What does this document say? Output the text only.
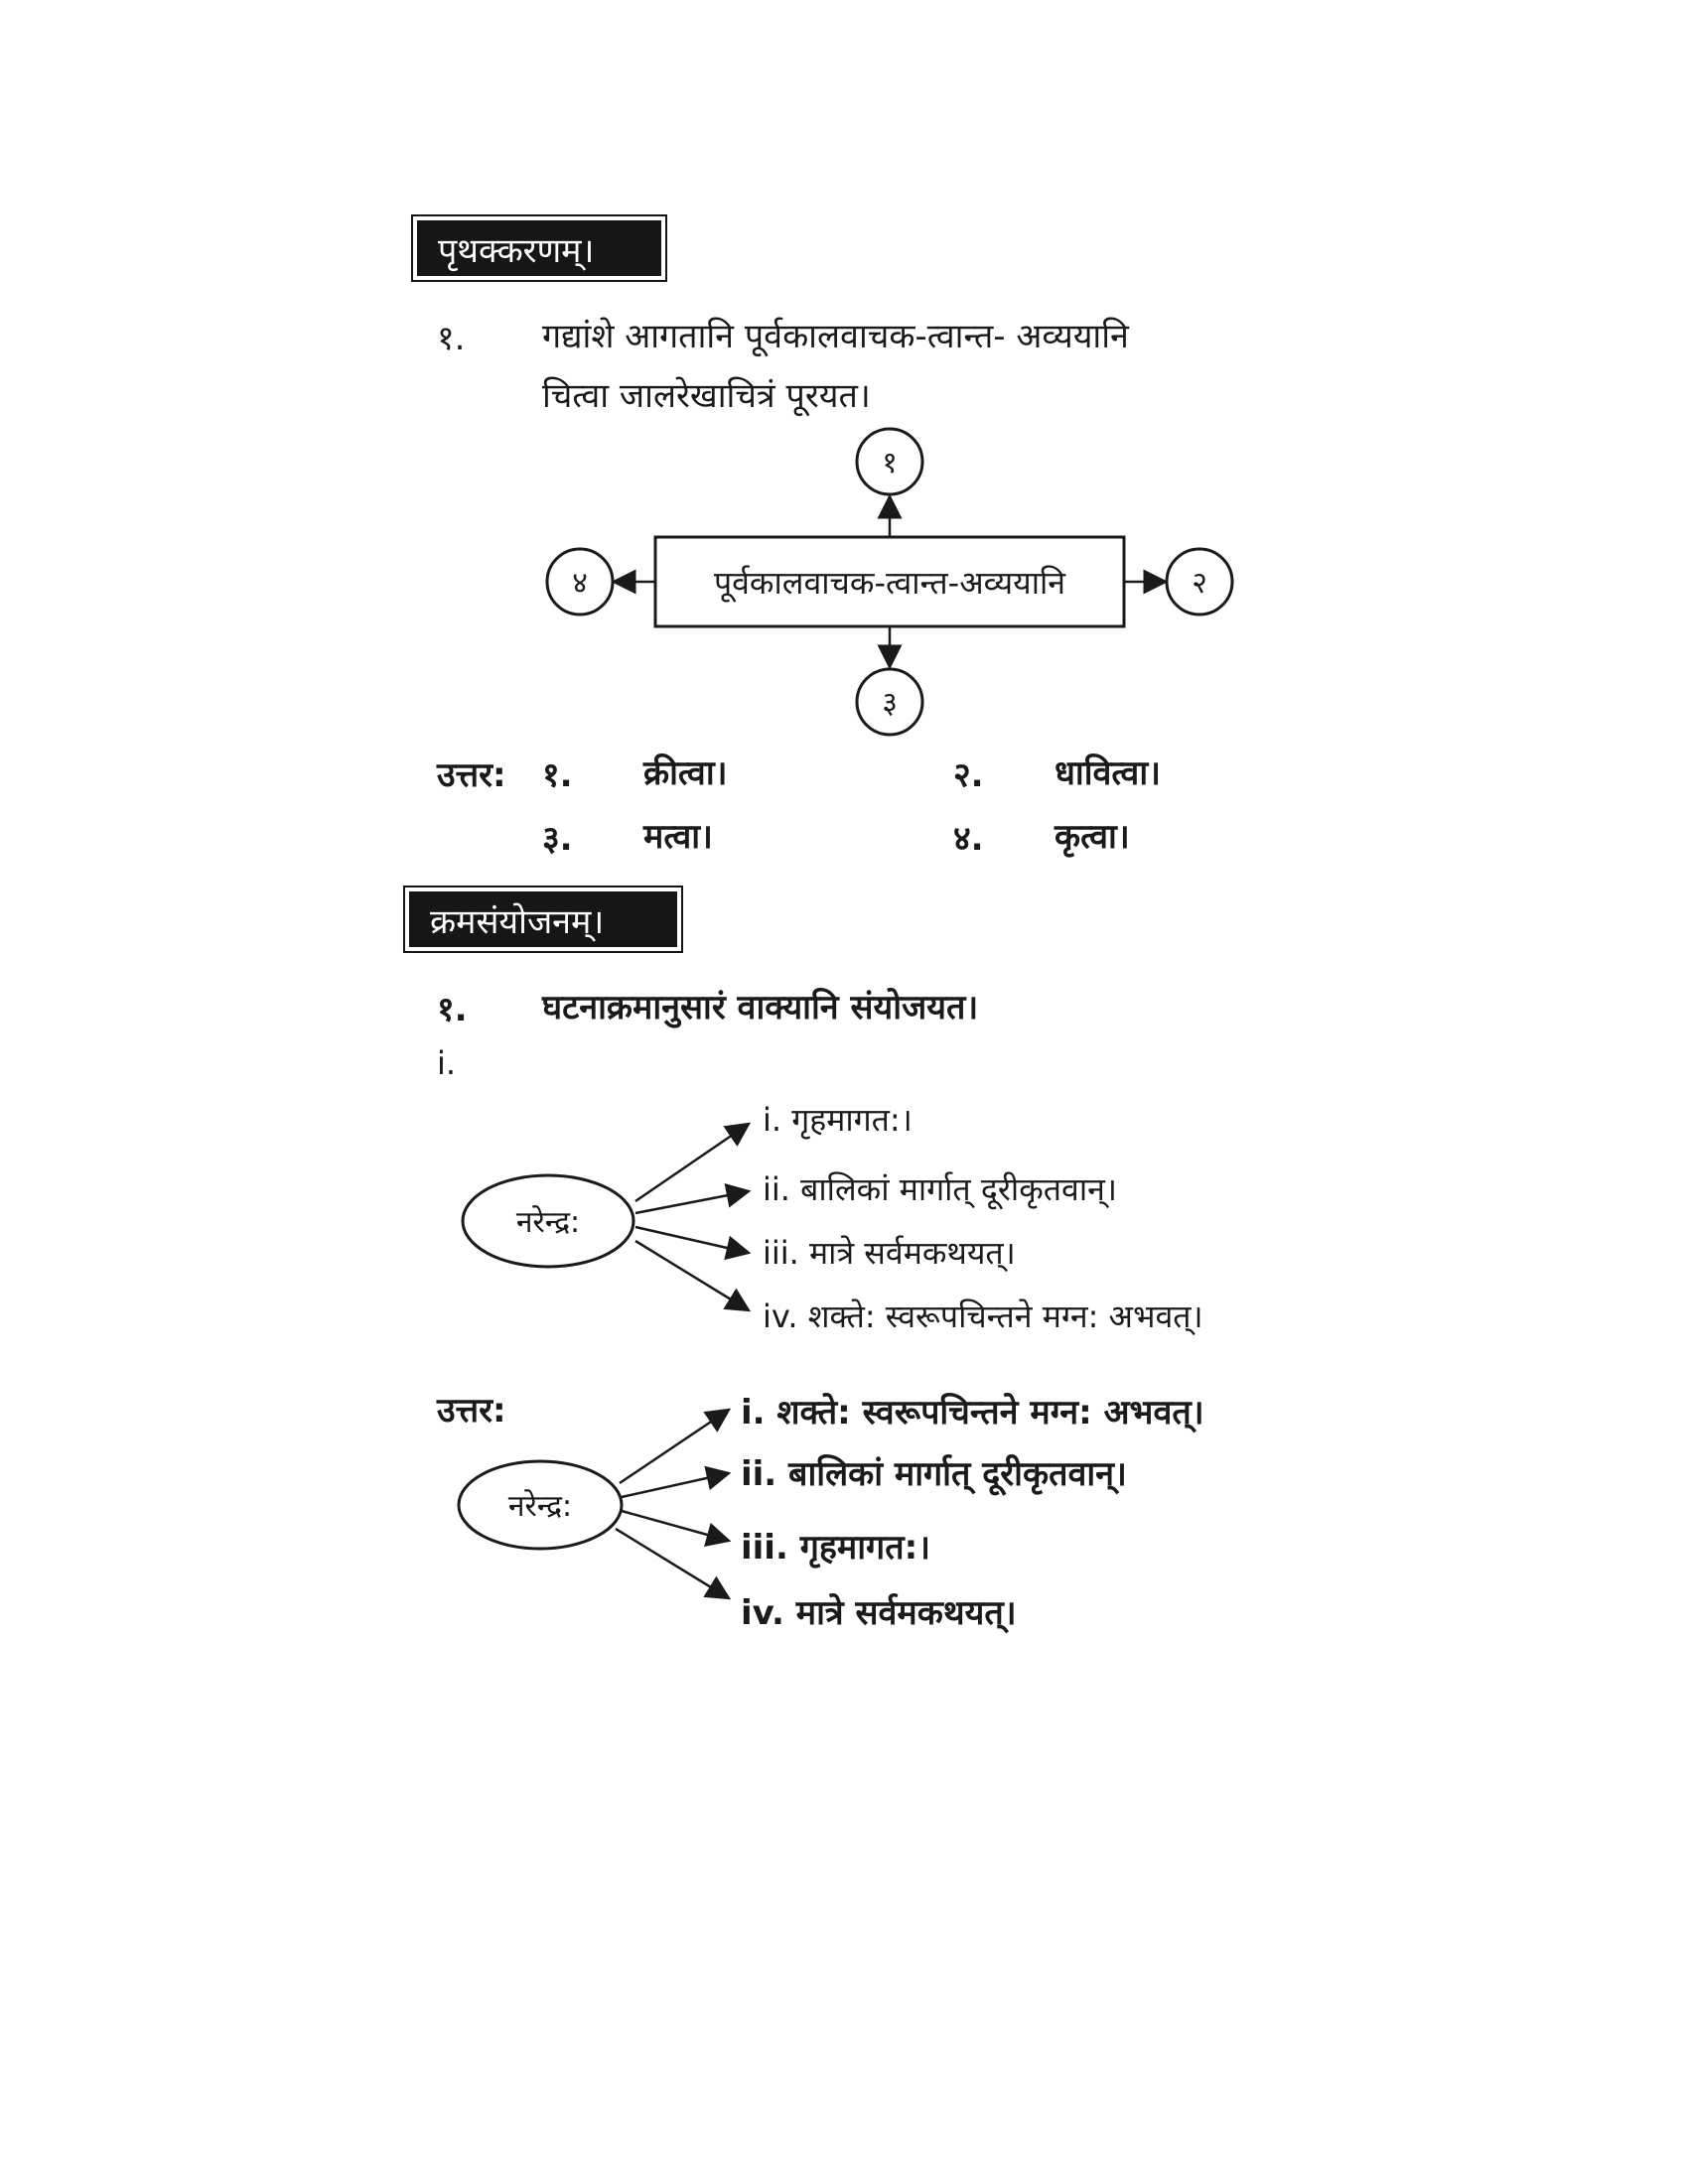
पृथक्करणम्।
१. गद्यांशे आगतानि पूर्वकालवाचक-त्वान्त- अव्ययानि
चित्वा जालरेखाचित्रं पूरयत।
पूर्वकालवाचक-त्वान्त-अव्ययानि
१
२
३
४
उत्तर: १. क्रीत्वा।	२. धावित्वा।
३. मत्वा।	४. कृत्वा।
क्रमसंयोजनम्।
१. घटनाक्रमानुसारं वाक्यानि संयोजयत।
i.
नरेन्द्र:
i. गृहमागत:।
ii. बालिकां मार्गात् दूरीकृतवान्।
iii. मात्रे सर्वमकथयत्।
iv. शक्ते: स्वरूपचिन्तने मग्न: अभवत्।
उत्तर:
नरेन्द्र:
i. शक्ते: स्वरूपचिन्तने मग्न: अभवत्।
ii. बालिकां मार्गात् दूरीकृतवान्।
iii. गृहमागत:।
iv. मात्रे सर्वमकथयत्।
